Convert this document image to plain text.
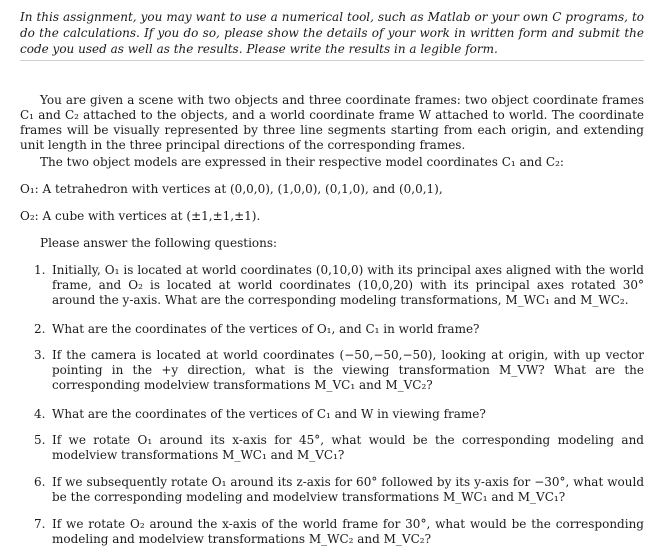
In this assignment, you may want to use a numerical tool, such as Matlab or your own C programs, to do the calculations. If you do so, please show the details of your work in written form and submit the code you used as well as the results. Please write the results in a legible form.
You are given a scene with two objects and three coordinate frames: two object coordinate frames C₁ and C₂ attached to the objects, and a world coordinate frame W attached to world. The coordinate frames will be visually represented by three line segments starting from each origin, and extending unit length in the three principal directions of the corresponding frames.
The two object models are expressed in their respective model coordinates C₁ and C₂:
O₁: A tetrahedron with vertices at (0,0,0), (1,0,0), (0,1,0), and (0,0,1),
O₂: A cube with vertices at (±1,±1,±1).
Please answer the following questions:
1. Initially, O₁ is located at world coordinates (0,10,0) with its principal axes aligned with the world frame, and O₂ is located at world coordinates (10,0,20) with its principal axes rotated 30° around the y-axis. What are the corresponding modeling transformations, M_WC₁ and M_WC₂.
2. What are the coordinates of the vertices of O₁, and C₁ in world frame?
3. If the camera is located at world coordinates (−50,−50,−50), looking at origin, with up vector pointing in the +y direction, what is the viewing transformation M_VW? What are the corresponding modelview transformations M_VC₁ and M_VC₂?
4. What are the coordinates of the vertices of C₁ and W in viewing frame?
5. If we rotate O₁ around its x-axis for 45°, what would be the corresponding modeling and modelview transformations M_WC₁ and M_VC₁?
6. If we subsequently rotate O₁ around its z-axis for 60° followed by its y-axis for −30°, what would be the corresponding modeling and modelview transformations M_WC₁ and M_VC₁?
7. If we rotate O₂ around the x-axis of the world frame for 30°, what would be the corresponding modeling and modelview transformations M_WC₂ and M_VC₂?
